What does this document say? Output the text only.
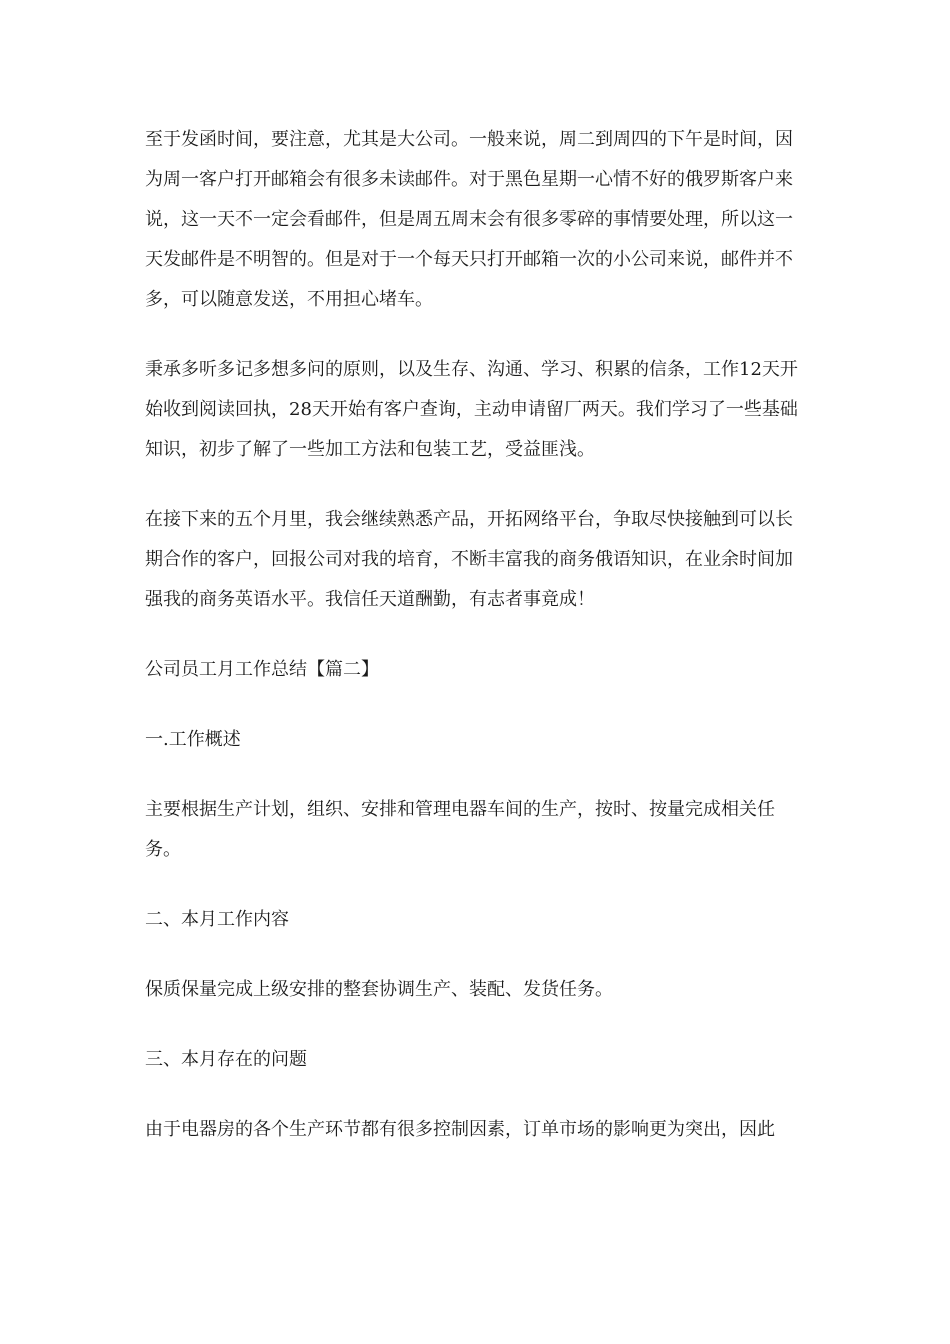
至于发函时间，要注意，尤其是大公司。一般来说，周二到周四的下午是时间，因为周一客户打开邮箱会有很多未读邮件。对于黑色星期一心情不好的俄罗斯客户来说，这一天不一定会看邮件，但是周五周末会有很多零碎的事情要处理，所以这一天发邮件是不明智的。但是对于一个每天只打开邮箱一次的小公司来说，邮件并不多，可以随意发送，不用担心堵车。

秉承多听多记多想多问的原则，以及生存、沟通、学习、积累的信条，工作12天开始收到阅读回执，28天开始有客户查询，主动申请留厂两天。我们学习了一些基础知识，初步了解了一些加工方法和包装工艺，受益匪浅。

在接下来的五个月里，我会继续熟悉产品，开拓网络平台，争取尽快接触到可以长期合作的客户，回报公司对我的培育，不断丰富我的商务俄语知识，在业余时间加强我的商务英语水平。我信任天道酬勤，有志者事竟成！

公司员工月工作总结【篇二】

一.工作概述

主要根据生产计划，组织、安排和管理电器车间的生产，按时、按量完成相关任务。

二、本月工作内容

保质保量完成上级安排的整套协调生产、装配、发货任务。

三、本月存在的问题

由于电器房的各个生产环节都有很多控制因素，订单市场的影响更为突出，因此
